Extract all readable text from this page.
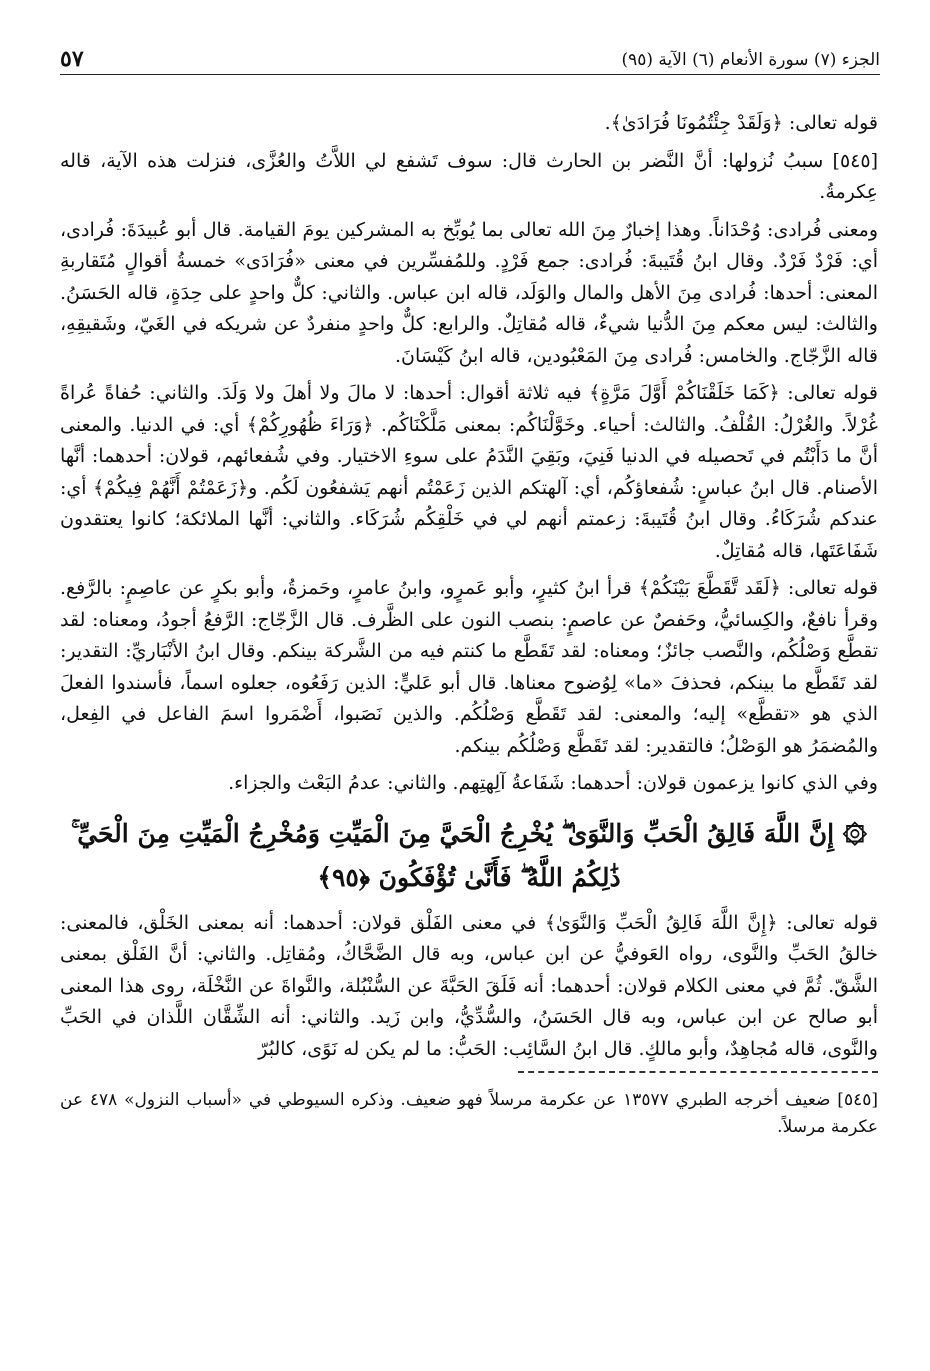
الجزء (٧) سورة الأنعام (٦) الآية (٩٥)
٥٧

قوله تعالى: ﴿وَلَقَدْ جِئْتُمُونَا فُرَادَىٰ﴾.

[٥٤٥] سببُ نُزولها: أنَّ النَّضر بن الحارث قال: سوف تَشفع لي اللاَّتُ والعُزَّى، فنزلت هذه الآية، قاله عِكرمةُ.

ومعنى فُرادى: وُحْدَاناً. وهذا إخبارٌ مِنَ الله تعالى بما يُوبِّخ به المشركين يومَ القيامة. قال أبو عُبيدَةَ: فُرادى، أي: فَرْدٌ فَرْدٌ. وقال ابنُ قُتَيبةَ: فُرادى: جمع فَرْدٍ. وللمُفسِّرين في معنى «فُرَادَى» خمسةُ أقوالٍ مُتَقاربةِ المعنى: أحدها: فُرادى مِنَ الأهل والمال والوَلَد، قاله ابن عباس. والثاني: كلٌّ واحدٍ على حِدَةٍ، قاله الحَسَنُ. والثالث: ليس معكم مِنَ الدُّنيا شيءٌ، قاله مُقاتِلٌ. والرابع: كلٌّ واحدٍ منفردٌ عن شريكه في الغَيّ، وشَقيقِهِ، قاله الزَّجّاج. والخامس: فُرادى مِنَ المَعْبُودين، قاله ابنُ كَيْسَانَ.

قوله تعالى: ﴿كَمَا خَلَقْنَاكُمْ أَوَّلَ مَرَّةٍ﴾ فيه ثلاثة أقوال: أحدها: لا مالَ ولا أهلَ ولا وَلَدَ. والثاني: حُفاةً عُراةً غُرْلاً. والغُرْلُ: القُلْفُ. والثالث: أحياء. وخَوَّلْنَاكُم: بمعنى مَلَّكْنَاكُم. ﴿وَرَاءَ ظُهُورِكُمْ﴾ أي: في الدنيا. والمعنى أنَّ ما دَأَبْتُم في تَحصيله في الدنيا فَنِيَ، وبَقِيَ النَّدَمُ على سوءِ الاختيار. وفي شُفعائهم، قولان: أحدهما: أنَّها الأصنام. قال ابنُ عباسٍ: شُفعاؤكُم، أي: آلهتكم الذين زَعَمْتُم أنهم يَشفعُون لَكُم. و﴿زَعَمْتُمْ أَنَّهُمْ فِيكُمْ﴾ أي: عندكم شُرَكَاءُ. وقال ابنُ قُتَيبةَ: زعمتم أنهم لي في خَلْقِكُم شُرَكَاء. والثاني: أنَّها الملائكة؛ كانوا يعتقدون شَفَاعَتَها، قاله مُقاتِلٌ.

قوله تعالى: ﴿لَقَد تَّقَطَّعَ بَيْنَكُمْ﴾ قرأ ابنُ كثيرٍ، وأبو عَمرٍو، وابنُ عامرٍ، وحَمزةُ، وأبو بكرٍ عن عاصِمٍ: بالرَّفع. وقرأ نافعٌ، والكِسائيُّ، وحَفصٌ عن عاصمٍ: بنصب النون على الظَّرف. قال الزَّجّاج: الرَّفعُ أجودُ، ومعناه: لقد تقطَّع وَصْلُكُم، والنَّصب جائزٌ؛ ومعناه: لقد تَقَطَّع ما كنتم فيه من الشَّركة بينكم. وقال ابنُ الأنْبَاريِّ: التقدير: لقد تَقَطَّع ما بينكم، فحذفَ «ما» لِوُضوح معناها. قال أبو عَليٍّ: الذين رَفَعُوه، جعلوه اسماً، فأسندوا الفعلَ الذي هو «تقطَّع» إليه؛ والمعنى: لقد تَقَطَّع وَصْلُكُم. والذين نَصَبوا، أَضْمَروا اسمَ الفاعل في الفِعل، والمُضمَرُ هو الوَصْلُ؛ فالتقدير: لقد تَقَطَّع وَصْلُكُم بينكم.

وفي الذي كانوا يزعمون قولان: أحدهما: شَفَاعةُ آلِهتِهم. والثاني: عدمُ البَعْث والجزاء.

۞ إِنَّ اللَّهَ فَالِقُ الْحَبِّ وَالنَّوَىٰ ۖ يُخْرِجُ الْحَيَّ مِنَ الْمَيِّتِ وَمُخْرِجُ الْمَيِّتِ مِنَ الْحَيِّ ۚ ذَٰلِكُمُ اللَّهُ ۖ فَأَنَّىٰ تُؤْفَكُونَ ﴿٩٥﴾

قوله تعالى: ﴿إِنَّ اللَّهَ فَالِقُ الْحَبِّ وَالنَّوَىٰ﴾ في معنى الفَلْق قولان: أحدهما: أنه بمعنى الخَلْق، فالمعنى: خالقُ الحَبِّ والنَّوى، رواه العَوفيُّ عن ابن عباس، وبه قال الضَّحَّاكُ، ومُقاتِل. والثاني: أنَّ الفَلْق بمعنى الشَّقّ. ثُمَّ في معنى الكلام قولان: أحدهما: أنه فَلَقَ الحَبَّةَ عن السُّنْبُلة، والنَّواةَ عن النَّخْلَة، روى هذا المعنى أبو صالح عن ابن عباس، وبه قال الحَسَنُ، والسُّدِّيُّ، وابن زَيد. والثاني: أنه الشِّقَّان اللَّذان في الحَبِّ والنَّوى، قاله مُجاهِدٌ، وأبو مالكٍ. قال ابنُ السَّائِب: الحَبُّ: ما لم يكن له نَوًى، كالبُرّ

[٥٤٥] ضعيف أخرجه الطبري ١٣٥٧٧ عن عكرمة مرسلاً فهو ضعيف. وذكره السيوطي في «أسباب النزول» ٤٧٨ عن عكرمة مرسلاً.
